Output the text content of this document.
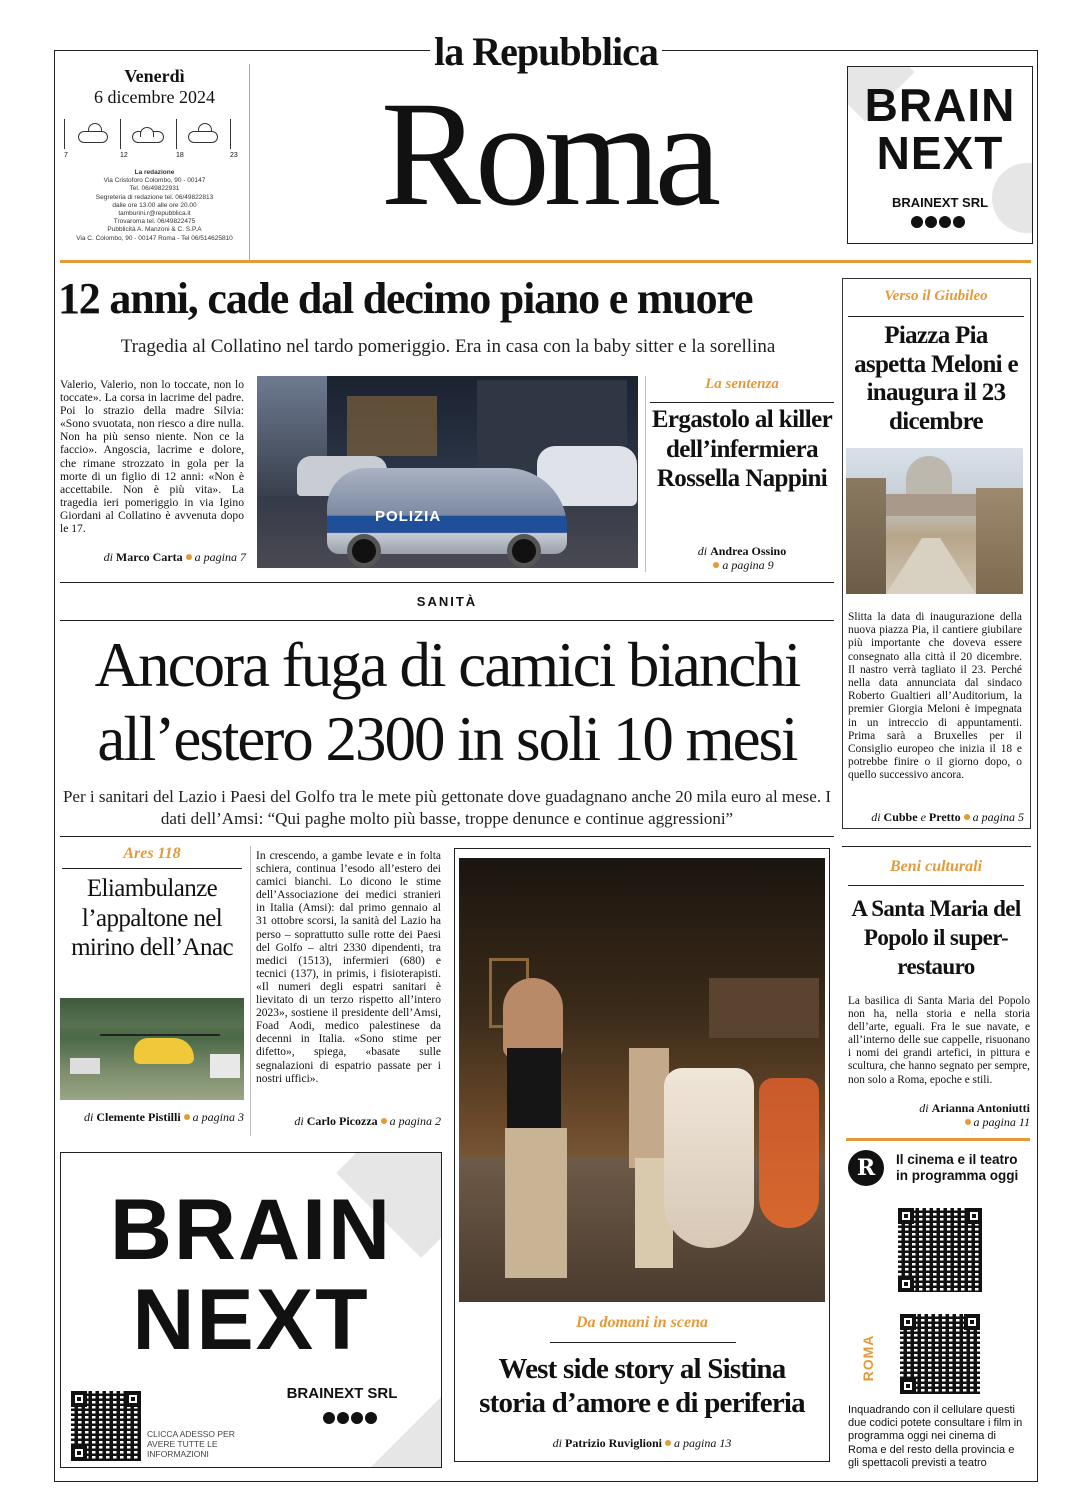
la Repubblica
Roma
Venerdì
6 dicembre 2024
7	12	18	23
La redazione
Via Cristoforo Colombo, 90 - 00147
Tel. 06/49822931
Segreteria di redazione tel. 06/49822813
dalle ore 13.00 alle ore 20.00
tamburini.r@repubblica.it
Trovaroma tel. 06/49822475
Pubblicità A. Manzoni & C. S.P.A
Via C. Colombo, 90 - 00147 Roma - Tel 06/514625810
BRAIN
NEXT
BRAINEXT SRL
12 anni, cade dal decimo piano e muore
Tragedia al Collatino nel tardo pomeriggio. Era in casa con la baby sitter e la sorellina
Valerio, Valerio, non lo toccate, non lo toccate». La corsa in lacrime del padre. Poi lo strazio della madre Silvia: «Sono svuotata, non riesco a dire nulla. Non ha più senso niente. Non ce la faccio». Angoscia, lacrime e dolore, che rimane strozzato in gola per la morte di un figlio di 12 anni: «Non è accettabile. Non è più vita». La tragedia ieri pomeriggio in via Igino Giordani al Collatino è avvenuta dopo le 17.
di Marco Carta a pagina 7
POLIZIA
La sentenza
Ergastolo al killer dell’infermiera Rossella Nappini
di Andrea Ossino
a pagina 9
Verso il Giubileo
Piazza Pia aspetta Meloni e inaugura il 23 dicembre
Slitta la data di inaugurazione della nuova piazza Pia, il cantiere giubilare più importante che doveva essere consegnato alla città il 20 dicembre. Il nastro verrà tagliato il 23. Perché nella data annunciata dal sindaco Roberto Gualtieri all’Auditorium, la premier Giorgia Meloni è impegnata in un intreccio di appuntamenti. Prima sarà a Bruxelles per il Consiglio europeo che inizia il 18 e potrebbe finire o il giorno dopo, o quello successivo ancora.
di Cubbe e Pretto a pagina 5
SANITÀ
Ancora fuga di camici bianchi
all’estero 2300 in soli 10 mesi
Per i sanitari del Lazio i Paesi del Golfo tra le mete più gettonate dove guadagnano anche 20 mila euro al mese. I dati dell’Amsi: “Qui paghe molto più basse, troppe denunce e continue aggressioni”
Ares 118
Eliambulanze l’appaltone nel mirino dell’Anac
di Clemente Pistilli a pagina 3
In crescendo, a gambe levate e in folta schiera, continua l’esodo all’estero dei camici bianchi. Lo dicono le stime dell’Associazione dei medici stranieri in Italia (Amsi): dal primo gennaio al 31 ottobre scorsi, la sanità del Lazio ha perso – soprattutto sulle rotte dei Paesi del Golfo – altri 2330 dipendenti, tra medici (1513), infermieri (680) e tecnici (137), in primis, i fisioterapisti. «Il numeri degli espatri sanitari è lievitato di un terzo rispetto all’intero 2023», sostiene il presidente dell’Amsi, Foad Aodi, medico palestinese da decenni in Italia. «Sono stime per difetto», spiega, «basate sulle segnalazioni di espatrio passate per i nostri uffici».
di Carlo Picozza a pagina 2
Da domani in scena
West side story al Sistina
storia d’amore e di periferia
di Patrizio Ruviglioni a pagina 13
Beni culturali
A Santa Maria del Popolo il super-restauro
La basilica di Santa Maria del Popolo non ha, nella storia e nella storia dell’arte, eguali. Fra le sue navate, e all’interno delle sue cappelle, risuonano i nomi dei grandi artefici, in pittura e scultura, che hanno segnato per sempre, non solo a Roma, epoche e stili.
di Arianna Antoniutti
a pagina 11
R	Il cinema e il teatro
in programma oggi
ROMA
Inquadrando con il cellulare questi due codici potete consultare i film in programma oggi nei cinema di Roma e del resto della provincia e gli spettacoli previsti a teatro
BRAIN
NEXT
CLICCA ADESSO PER AVERE TUTTE LE INFORMAZIONI
BRAINEXT SRL
